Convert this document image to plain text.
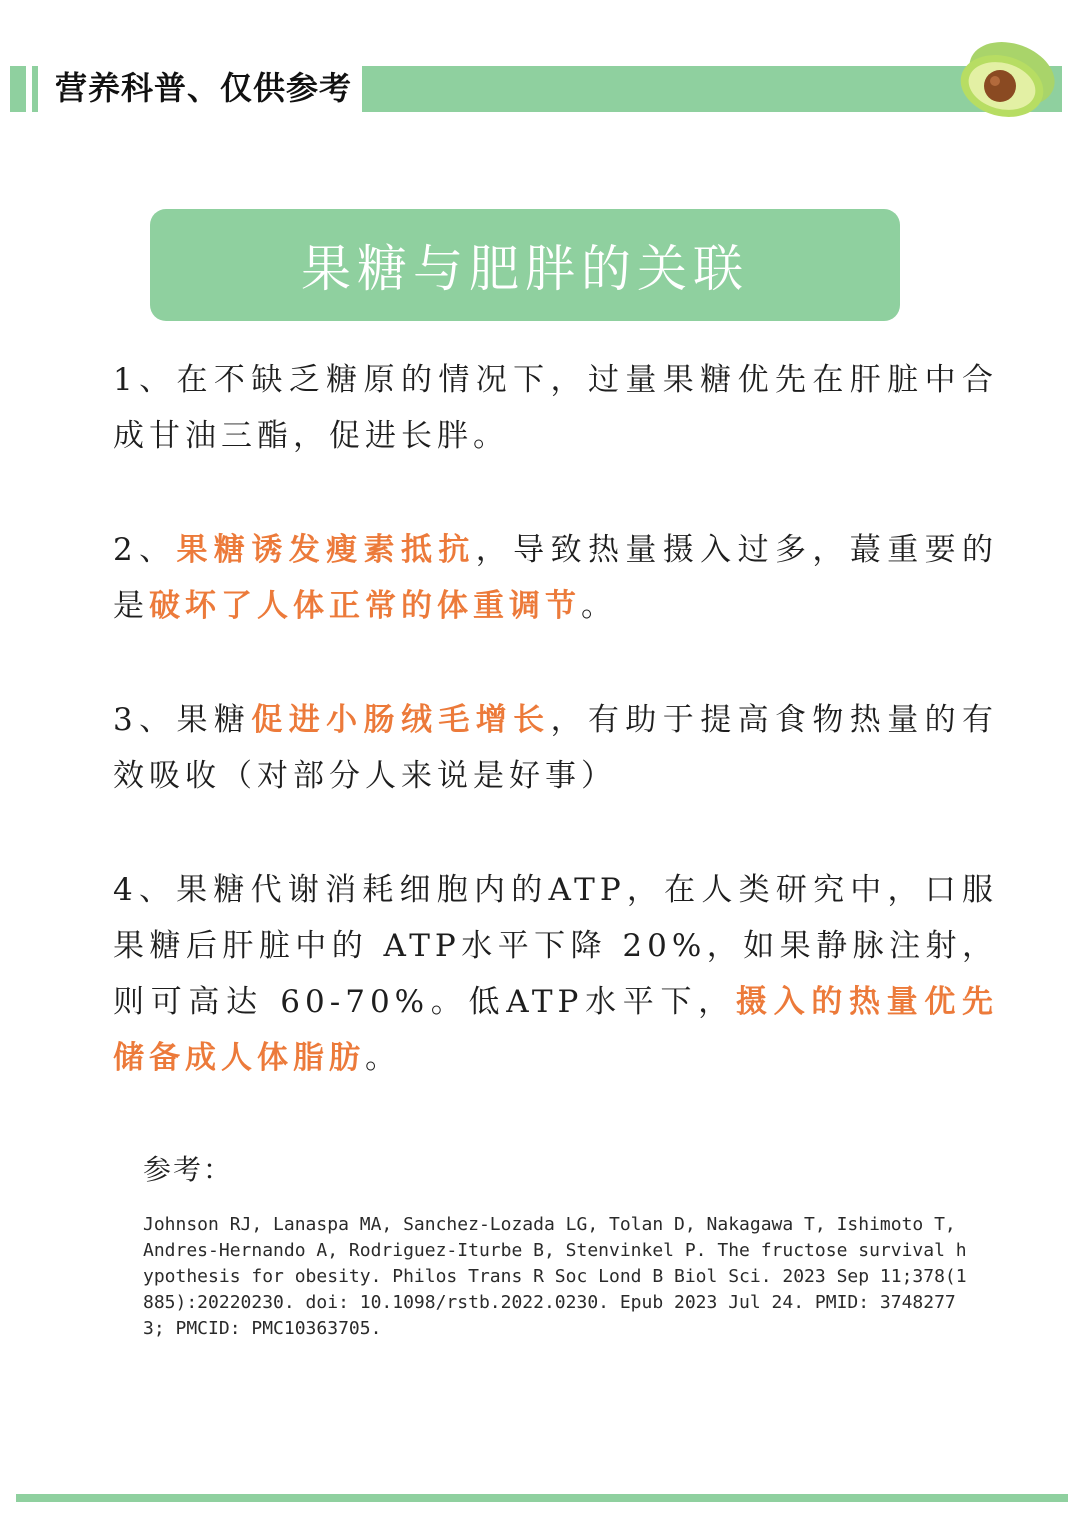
营养科普、仅供参考
果糖与肥胖的关联
1、在不缺乏糖原的情况下，过量果糖优先在肝脏中合成甘油三酯，促进长胖。
2、果糖诱发瘦素抵抗，导致热量摄入过多，蕞重要的是破坏了人体正常的体重调节。
3、果糖促进小肠绒毛增长，有助于提高食物热量的有效吸收（对部分人来说是好事）
4、果糖代谢消耗细胞内的ATP，在人类研究中，口服果糖后肝脏中的 ATP水平下降 20%，如果静脉注射，则可高达 60-70%。低ATP水平下，摄入的热量优先储备成人体脂肪。
参考：
Johnson RJ, Lanaspa MA, Sanchez-Lozada LG, Tolan D, Nakagawa T, Ishimoto T, Andres-Hernando A, Rodriguez-Iturbe B, Stenvinkel P. The fructose survival hypothesis for obesity. Philos Trans R Soc Lond B Biol Sci. 2023 Sep 11;378(1885):20220230. doi: 10.1098/rstb.2022.0230. Epub 2023 Jul 24. PMID: 37482773; PMCID: PMC10363705.
